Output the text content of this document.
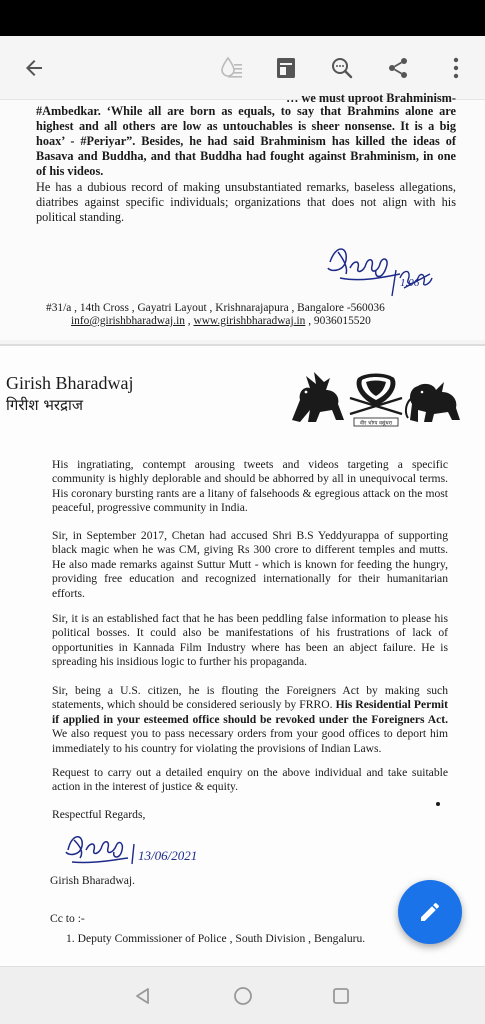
… we must uproot Brahminism-
#Ambedkar. ‘While all are born as equals, to say that Brahmins alone are highest and all others are low as untouchables is sheer nonsense. It is a big hoax’ - #Periyar”. Besides, he had said Brahminism has killed the ideas of Basava and Buddha, and that Buddha had fought against Brahminism, in one of his videos.
He has a dubious record of making unsubstantiated remarks, baseless allegations, diatribes against specific individuals; organizations that does not align with his political standing.
1.06
#31/a , 14th Cross , Gayatri Layout , Krishnarajapura , Bangalore -560036
info@girishbharadwaj.in , www.girishbharadwaj.in , 9036015520
Girish Bharadwaj
गिरीश भरद्राज
वीर भोग्य वसुंधरा
His ingratiating, contempt arousing tweets and videos targeting a specific community is highly deplorable and should be abhorred by all in unequivocal terms. His coronary bursting rants are a litany of falsehoods & egregious attack on the most peaceful, progressive community in India.
Sir, in September 2017, Chetan had accused Shri B.S Yeddyurappa of supporting black magic when he was CM, giving Rs 300 crore to different temples and mutts. He also made remarks against Suttur Mutt - which is known for feeding the hungry, providing free education and recognized internationally for their humanitarian efforts.
Sir, it is an established fact that he has been peddling false information to please his political bosses. It could also be manifestations of his frustrations of lack of opportunities in Kannada Film Industry where has been an abject failure. He is spreading his insidious logic to further his propaganda.
Sir, being a U.S. citizen, he is flouting the Foreigners Act by making such statements, which should be considered seriously by FRRO. His Residential Permit if applied in your esteemed office should be revoked under the Foreigners Act. We also request you to pass necessary orders from your good offices to deport him immediately to his country for violating the provisions of Indian Laws.
Request to carry out a detailed enquiry on the above individual and take suitable action in the interest of justice & equity.
Respectful Regards,
13/06/2021
Girish Bharadwaj.
Cc to :-
1. Deputy Commissioner of Police , South Division , Bengaluru.
